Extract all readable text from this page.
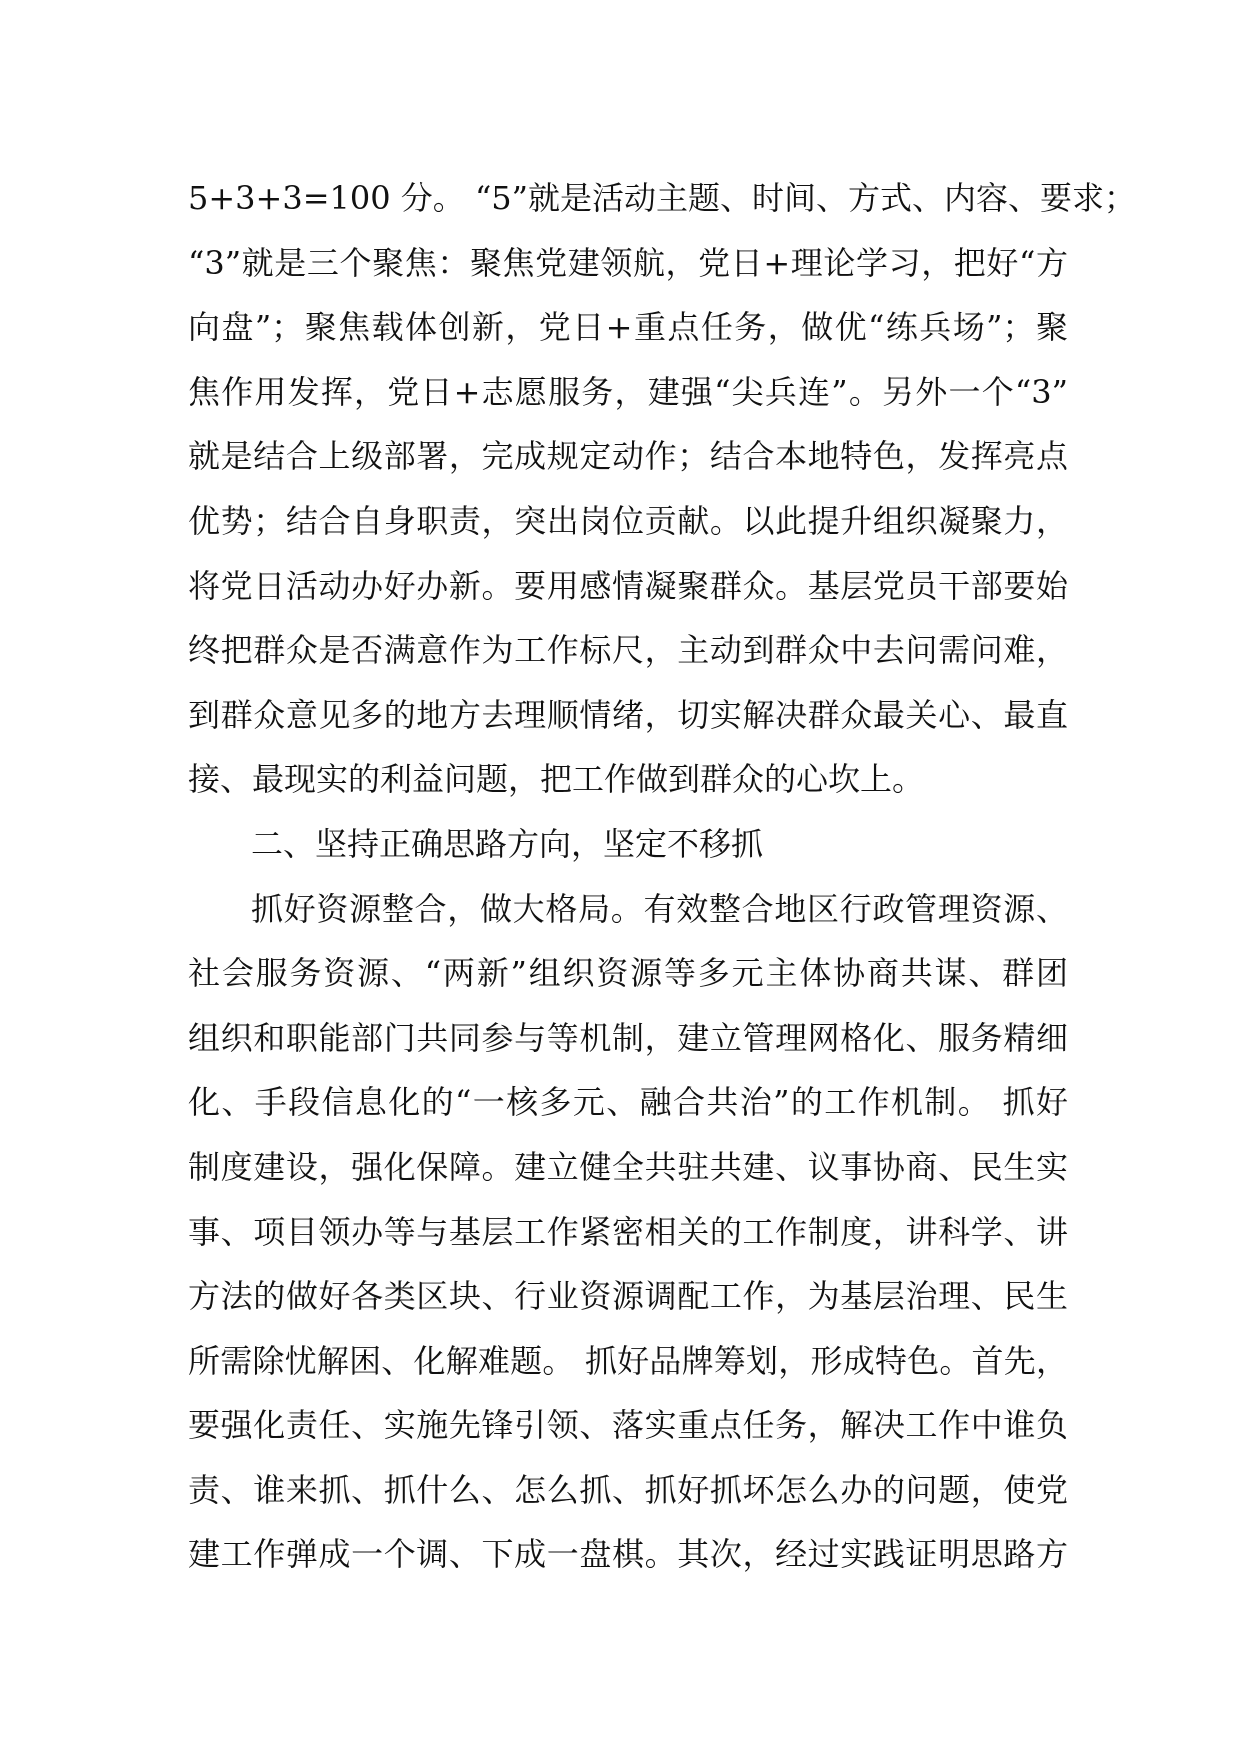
5+3+3=100 分。 “5”就是活动主题、时间、方式、内容、要求；
“3”就是三个聚焦：聚焦党建领航，党日+理论学习，把好“方
向盘”；聚焦载体创新，党日+重点任务，做优“练兵场”；聚
焦作用发挥，党日+志愿服务，建强“尖兵连”。另外一个“3”
就是结合上级部署，完成规定动作；结合本地特色，发挥亮点
优势；结合自身职责，突出岗位贡献。以此提升组织凝聚力，
将党日活动办好办新。要用感情凝聚群众。基层党员干部要始
终把群众是否满意作为工作标尺，主动到群众中去问需问难，
到群众意见多的地方去理顺情绪，切实解决群众最关心、最直
接、最现实的利益问题，把工作做到群众的心坎上。
二、坚持正确思路方向，坚定不移抓
抓好资源整合，做大格局。有效整合地区行政管理资源、
社会服务资源、“两新”组织资源等多元主体协商共谋、群团
组织和职能部门共同参与等机制，建立管理网格化、服务精细
化、手段信息化的“一核多元、融合共治”的工作机制。 抓好
制度建设，强化保障。建立健全共驻共建、议事协商、民生实
事、项目领办等与基层工作紧密相关的工作制度，讲科学、讲
方法的做好各类区块、行业资源调配工作，为基层治理、民生
所需除忧解困、化解难题。 抓好品牌筹划，形成特色。首先，
要强化责任、实施先锋引领、落实重点任务，解决工作中谁负
责、谁来抓、抓什么、怎么抓、抓好抓坏怎么办的问题，使党
建工作弹成一个调、下成一盘棋。其次，经过实践证明思路方
